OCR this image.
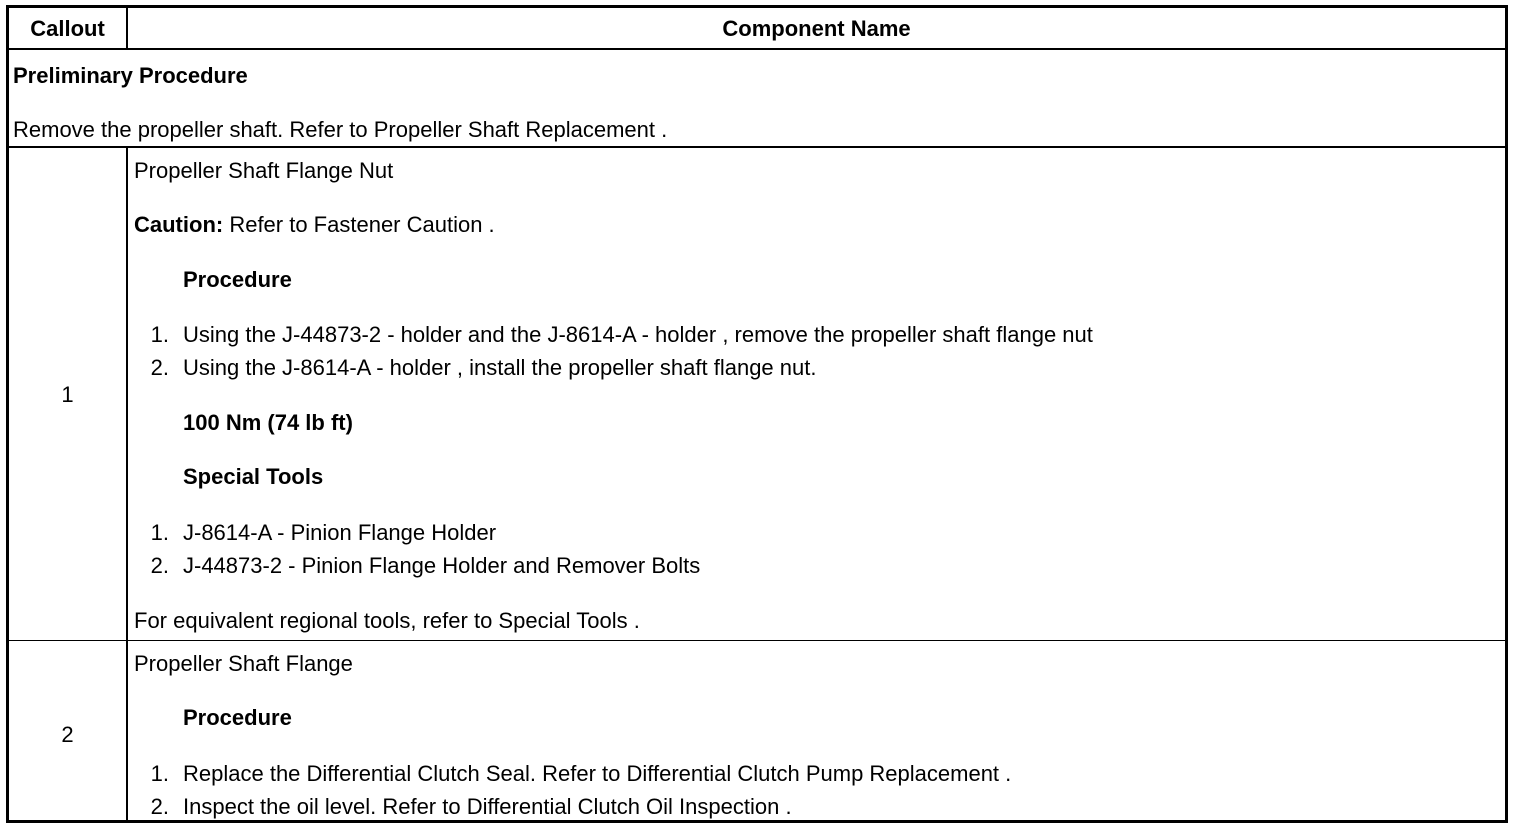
Callout	Component Name
Preliminary Procedure
Remove the propeller shaft. Refer to Propeller Shaft Replacement .
1
Propeller Shaft Flange Nut
Caution: Refer to Fastener Caution .
Procedure
1. Using the J-44873-2 - holder and the J-8614-A - holder , remove the propeller shaft flange nut
2. Using the J-8614-A - holder , install the propeller shaft flange nut.
100 Nm (74 lb ft)
Special Tools
1. J-8614-A - Pinion Flange Holder
2. J-44873-2 - Pinion Flange Holder and Remover Bolts
For equivalent regional tools, refer to Special Tools .
2
Propeller Shaft Flange
Procedure
1. Replace the Differential Clutch Seal. Refer to Differential Clutch Pump Replacement .
2. Inspect the oil level. Refer to Differential Clutch Oil Inspection .
